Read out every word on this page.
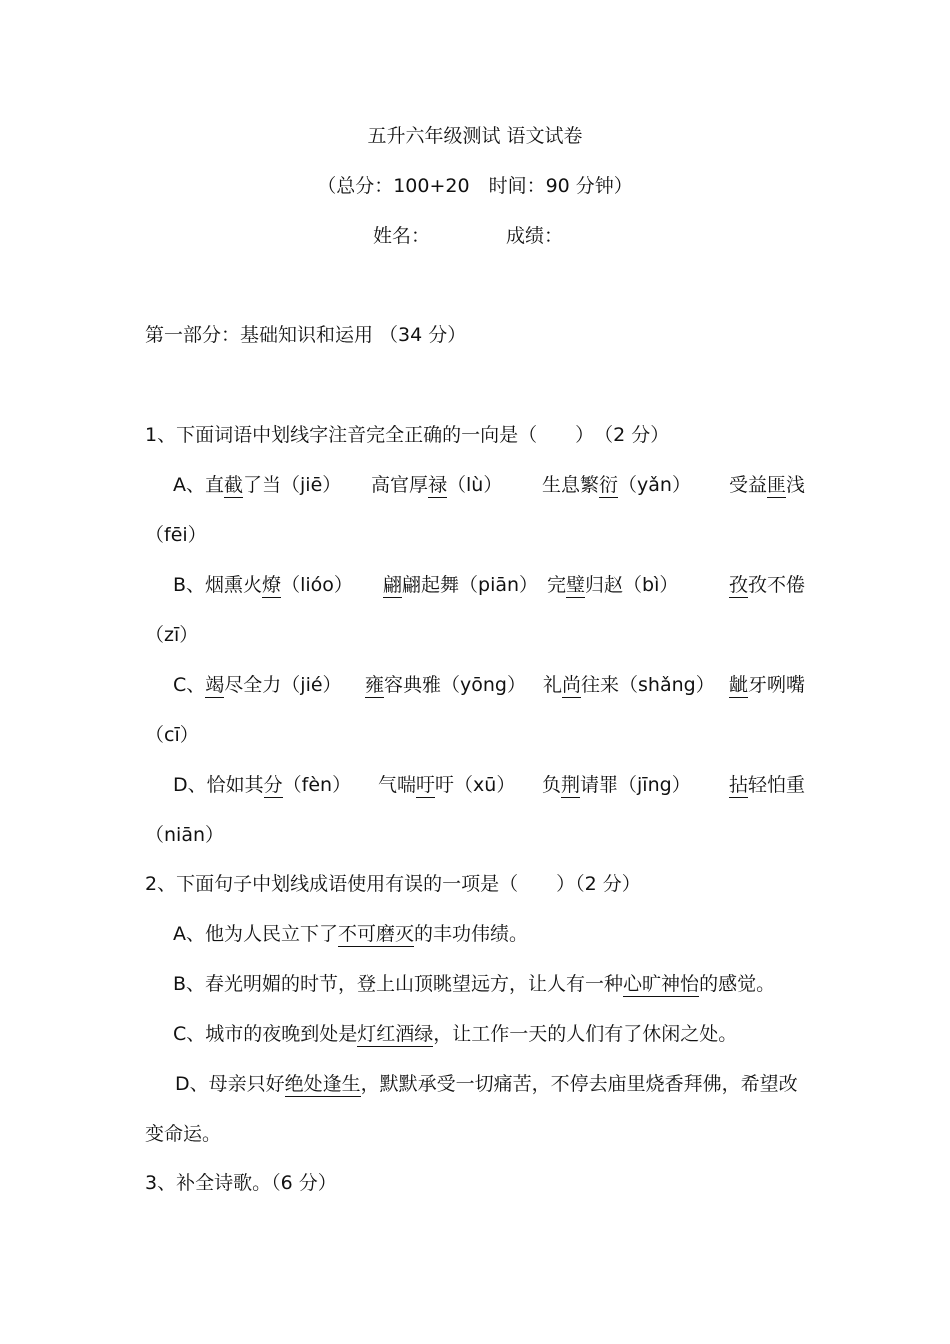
五升六年级测试 语文试卷
（总分：100+20　时间：90 分钟）
姓名：	成绩：
第一部分：基础知识和运用 （34 分）
1、下面词语中划线字注音完全正确的一向是（　　）　（2 分）
A、直截了当（jiē） 高官厚禄（lù） 生息繁衍（yǎn） 受益匪浅
（fēi）
B、烟熏火燎（lióo） 翩翩起舞（piān） 完璧归赵（bì）	孜孜不倦
（zī）
C、竭尽全力（jié） 雍容典雅（yōng） 礼尚往来（shǎng） 龇牙咧嘴
（cī）
D、恰如其分（fèn） 气喘吁吁（xū） 负荆请罪（jīng） 拈轻怕重
（niān）
2、下面句子中划线成语使用有误的一项是（　　）（2 分）
A、他为人民立下了不可磨灭的丰功伟绩。
B、春光明媚的时节，登上山顶眺望远方，让人有一种心旷神怡的感觉。
C、城市的夜晚到处是灯红酒绿，让工作一天的人们有了休闲之处。
D、母亲只好绝处逢生，默默承受一切痛苦，不停去庙里烧香拜佛，希望改
变命运。
3、补全诗歌。（6 分）
